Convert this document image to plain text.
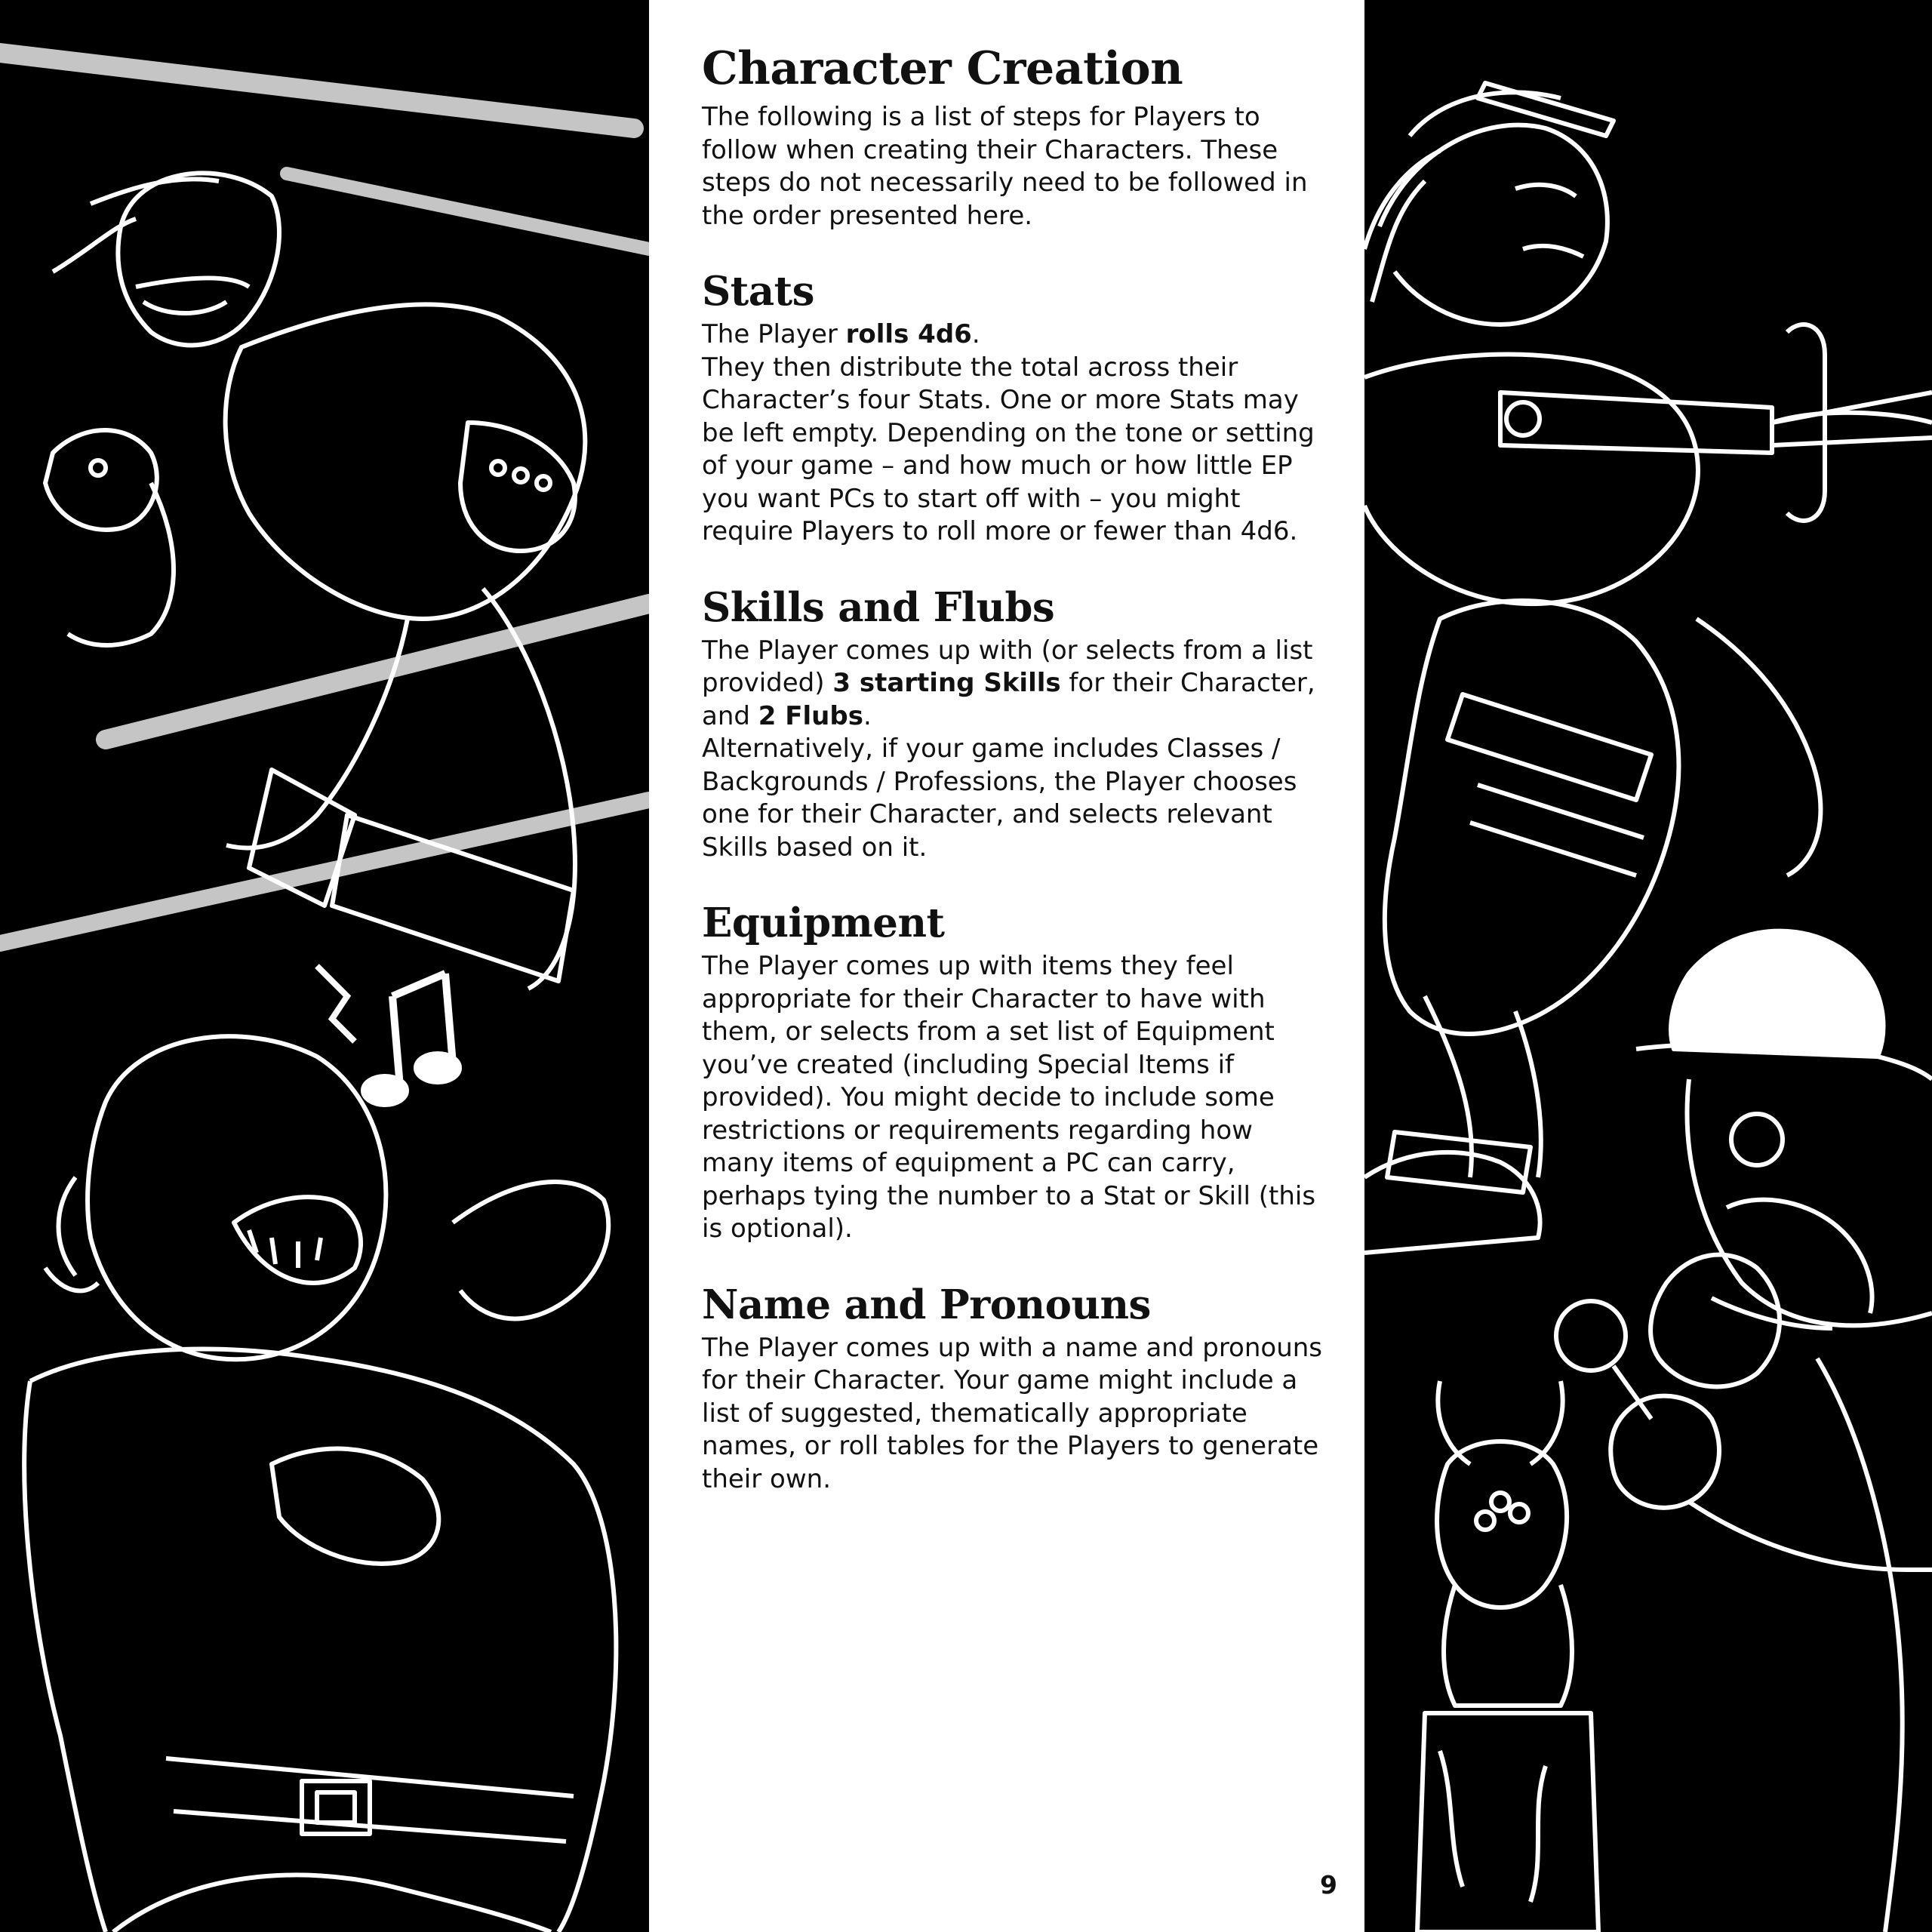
Character Creation

The following is a list of steps for Players to

follow when creating their Characters. These

steps do not necessarily need to be followed in

the order presented here.

Stats

The Player rolls 4d6.

They then distribute the total across their

Character’s four Stats. One or more Stats may

be left empty. Depending on the tone or setting

of your game – and how much or how little EP

you want PCs to start off with – you might

require Players to roll more or fewer than 4d6.

Skills and Flubs

The Player comes up with (or selects from a list

provided) 3 starting Skills for their Character,

and 2 Flubs.

Alternatively, if your game includes Classes /

Backgrounds / Professions, the Player chooses

one for their Character, and selects relevant

Skills based on it.

Equipment

The Player comes up with items they feel

appropriate for their Character to have with

them, or selects from a set list of Equipment

you’ve created (including Special Items if

provided). You might decide to include some

restrictions or requirements regarding how

many items of equipment a PC can carry,

perhaps tying the number to a Stat or Skill (this

is optional).

Name and Pronouns

The Player comes up with a name and pronouns

for their Character. Your game might include a

list of suggested, thematically appropriate

names, or roll tables for the Players to generate

their own.

9
